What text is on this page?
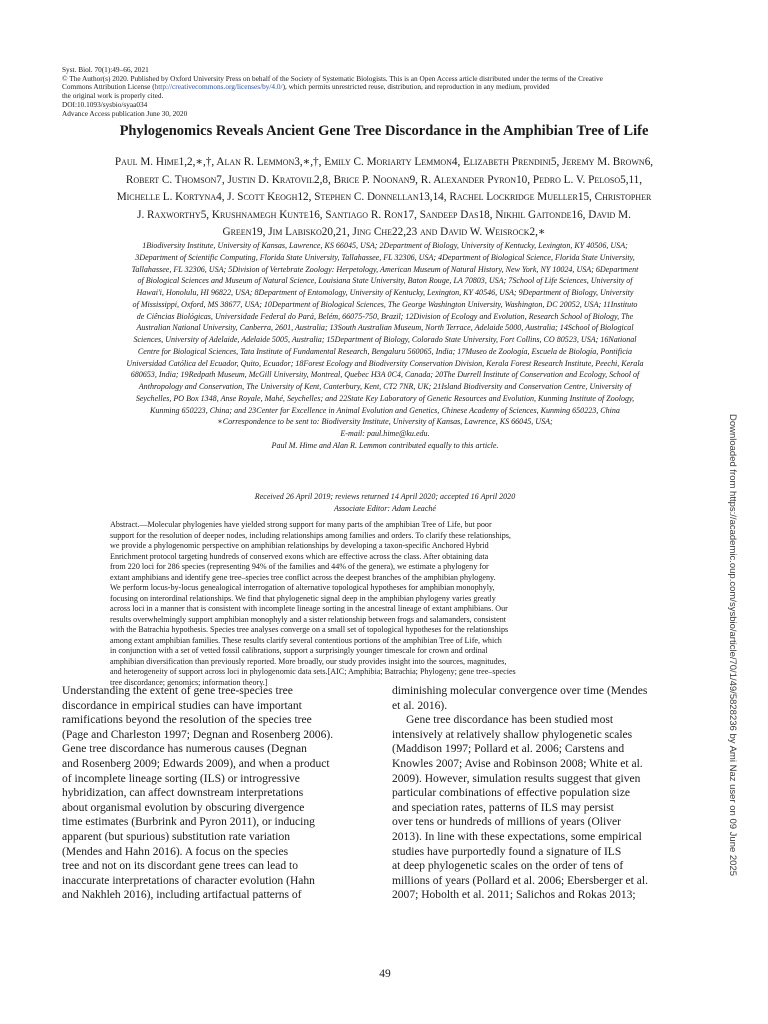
Syst. Biol. 70(1):49–66, 2021
© The Author(s) 2020. Published by Oxford University Press on behalf of the Society of Systematic Biologists. This is an Open Access article distributed under the terms of the Creative
Commons Attribution License (http://creativecommons.org/licenses/by/4.0/), which permits unrestricted reuse, distribution, and reproduction in any medium, provided
the original work is properly cited.
DOI:10.1093/sysbio/syaa034
Advance Access publication June 30, 2020
Phylogenomics Reveals Ancient Gene Tree Discordance in the Amphibian Tree of Life
Paul M. Hime1,2,∗,†, Alan R. Lemmon3,∗,†, Emily C. Moriarty Lemmon4, Elizabeth Prendini5, Jeremy M. Brown6,
Robert C. Thomson7, Justin D. Kratovil2,8, Brice P. Noonan9, R. Alexander Pyron10, Pedro L. V. Peloso5,11,
Michelle L. Kortyna4, J. Scott Keogh12, Stephen C. Donnellan13,14, Rachel Lockridge Mueller15, Christopher
J. Raxworthy5, Krushnamegh Kunte16, Santiago R. Ron17, Sandeep Das18, Nikhil Gaitonde16, David M.
Green19, Jim Labisko20,21, Jing Che22,23 and David W. Weisrock2,∗
1Biodiversity Institute, University of Kansas, Lawrence, KS 66045, USA; 2Department of Biology, University of Kentucky, Lexington, KY 40506, USA;
3Department of Scientific Computing, Florida State University, Tallahassee, FL 32306, USA; 4Department of Biological Science, Florida State University,
Tallahassee, FL 32306, USA; 5Division of Vertebrate Zoology: Herpetology, American Museum of Natural History, New York, NY 10024, USA; 6Department
of Biological Sciences and Museum of Natural Science, Louisiana State University, Baton Rouge, LA 70803, USA; 7School of Life Sciences, University of
Hawai'i, Honolulu, HI 96822, USA; 8Department of Entomology, University of Kentucky, Lexington, KY 40546, USA; 9Department of Biology, University
of Mississippi, Oxford, MS 38677, USA; 10Department of Biological Sciences, The George Washington University, Washington, DC 20052, USA; 11Instituto
de Ciências Biológicas, Universidade Federal do Pará, Belém, 66075-750, Brazil; 12Division of Ecology and Evolution, Research School of Biology, The
Australian National University, Canberra, 2601, Australia; 13South Australian Museum, North Terrace, Adelaide 5000, Australia; 14School of Biological
Sciences, University of Adelaide, Adelaide 5005, Australia; 15Department of Biology, Colorado State University, Fort Collins, CO 80523, USA; 16National
Centre for Biological Sciences, Tata Institute of Fundamental Research, Bengaluru 560065, India; 17Museo de Zoología, Escuela de Biología, Pontificia
Universidad Católica del Ecuador, Quito, Ecuador; 18Forest Ecology and Biodiversity Conservation Division, Kerala Forest Research Institute, Peechi, Kerala
680653, India; 19Redpath Museum, McGill University, Montreal, Quebec H3A 0C4, Canada; 20The Durrell Institute of Conservation and Ecology, School of
Anthropology and Conservation, The University of Kent, Canterbury, Kent, CT2 7NR, UK; 21Island Biodiversity and Conservation Centre, University of
Seychelles, PO Box 1348, Anse Royale, Mahé, Seychelles; and 22State Key Laboratory of Genetic Resources and Evolution, Kunming Institute of Zoology,
Kunming 650223, China; and 23Center for Excellence in Animal Evolution and Genetics, Chinese Academy of Sciences, Kunming 650223, China
∗Correspondence to be sent to: Biodiversity Institute, University of Kansas, Lawrence, KS 66045, USA;
E-mail: paul.hime@ku.edu.
Paul M. Hime and Alan R. Lemmon contributed equally to this article.
Received 26 April 2019; reviews returned 14 April 2020; accepted 16 April 2020
Associate Editor: Adam Leaché
Abstract.—Molecular phylogenies have yielded strong support for many parts of the amphibian Tree of Life, but poor
support for the resolution of deeper nodes, including relationships among families and orders. To clarify these relationships,
we provide a phylogenomic perspective on amphibian relationships by developing a taxon-specific Anchored Hybrid
Enrichment protocol targeting hundreds of conserved exons which are effective across the class. After obtaining data
from 220 loci for 286 species (representing 94% of the families and 44% of the genera), we estimate a phylogeny for
extant amphibians and identify gene tree–species tree conflict across the deepest branches of the amphibian phylogeny.
We perform locus-by-locus genealogical interrogation of alternative topological hypotheses for amphibian monophyly,
focusing on interordinal relationships. We find that phylogenetic signal deep in the amphibian phylogeny varies greatly
across loci in a manner that is consistent with incomplete lineage sorting in the ancestral lineage of extant amphibians. Our
results overwhelmingly support amphibian monophyly and a sister relationship between frogs and salamanders, consistent
with the Batrachia hypothesis. Species tree analyses converge on a small set of topological hypotheses for the relationships
among extant amphibian families. These results clarify several contentious portions of the amphibian Tree of Life, which
in conjunction with a set of vetted fossil calibrations, support a surprisingly younger timescale for crown and ordinal
amphibian diversification than previously reported. More broadly, our study provides insight into the sources, magnitudes,
and heterogeneity of support across loci in phylogenomic data sets.[AIC; Amphibia; Batrachia; Phylogeny; gene tree–species
tree discordance; genomics; information theory.]
Understanding the extent of gene tree-species tree
discordance in empirical studies can have important
ramifications beyond the resolution of the species tree
(Page and Charleston 1997; Degnan and Rosenberg 2006).
Gene tree discordance has numerous causes (Degnan
and Rosenberg 2009; Edwards 2009), and when a product
of incomplete lineage sorting (ILS) or introgressive
hybridization, can affect downstream interpretations
about organismal evolution by obscuring divergence
time estimates (Burbrink and Pyron 2011), or inducing
apparent (but spurious) substitution rate variation
(Mendes and Hahn 2016). A focus on the species
tree and not on its discordant gene trees can lead to
inaccurate interpretations of character evolution (Hahn
and Nakhleh 2016), including artifactual patterns of
diminishing molecular convergence over time (Mendes
et al. 2016).
Gene tree discordance has been studied most
intensively at relatively shallow phylogenetic scales
(Maddison 1997; Pollard et al. 2006; Carstens and
Knowles 2007; Avise and Robinson 2008; White et al.
2009). However, simulation results suggest that given
particular combinations of effective population size
and speciation rates, patterns of ILS may persist
over tens or hundreds of millions of years (Oliver
2013). In line with these expectations, some empirical
studies have purportedly found a signature of ILS
at deep phylogenetic scales on the order of tens of
millions of years (Pollard et al. 2006; Ebersberger et al.
2007; Hobolth et al. 2011; Salichos and Rokas 2013;
49
Downloaded from https://academic.oup.com/sysbio/article/70/1/49/5828236 by Ami Naz user on 09 June 2025
